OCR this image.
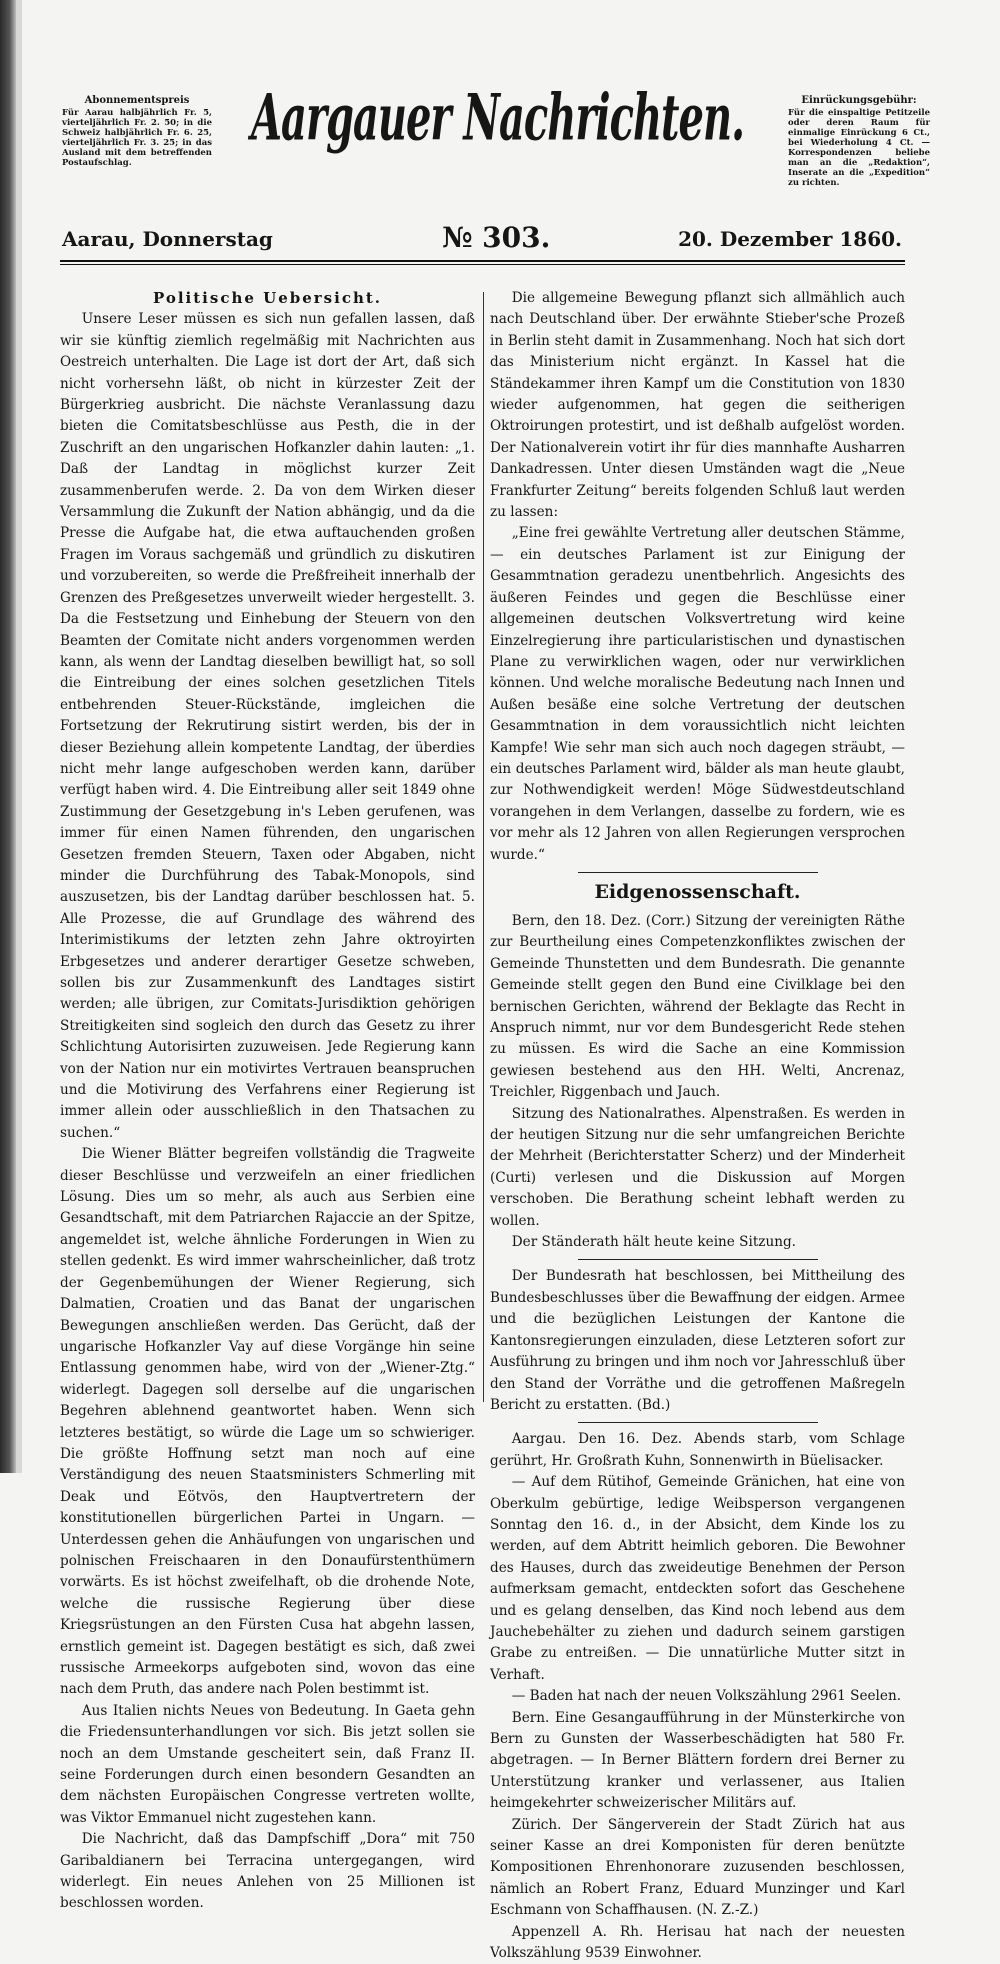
Abonnementspreis
Für Aarau halbjährlich Fr. 5, vierteljährlich Fr. 2. 50; in die Schweiz halbjährlich Fr. 6. 25, vierteljährlich Fr. 3. 25; in das Ausland mit dem betreffenden Postaufschlag.
Aargauer Nachrichten.	Einrückungsgebühr:
Für die einspaltige Petitzeile oder deren Raum für einmalige Einrückung 6 Ct., bei Wiederholung 4 Ct. — Korrespondenzen beliebe man an die „Redaktion“, Inserate an die „Expedition“ zu richten.
Aarau, Donnerstag	№ 303.	20. Dezember 1860.
Politische Uebersicht.

Unsere Leser müssen es sich nun gefallen lassen, daß wir sie künftig ziemlich regelmäßig mit Nachrichten aus Oestreich unterhalten. Die Lage ist dort der Art, daß sich nicht vorhersehn läßt, ob nicht in kürzester Zeit der Bürgerkrieg ausbricht. Die nächste Veranlassung dazu bieten die Comitatsbeschlüsse aus Pesth, die in der Zuschrift an den ungarischen Hofkanzler dahin lauten: „1. Daß der Landtag in möglichst kurzer Zeit zusammenberufen werde. 2. Da von dem Wirken dieser Versammlung die Zukunft der Nation abhängig, und da die Presse die Aufgabe hat, die etwa auftauchenden großen Fragen im Voraus sachgemäß und gründlich zu diskutiren und vorzubereiten, so werde die Preßfreiheit innerhalb der Grenzen des Preßgesetzes unverweilt wieder hergestellt. 3. Da die Festsetzung und Einhebung der Steuern von den Beamten der Comitate nicht anders vorgenommen werden kann, als wenn der Landtag dieselben bewilligt hat, so soll die Eintreibung der eines solchen gesetzlichen Titels entbehrenden Steuer-Rückstände, imgleichen die Fortsetzung der Rekrutirung sistirt werden, bis der in dieser Beziehung allein kompetente Landtag, der überdies nicht mehr lange aufgeschoben werden kann, darüber verfügt haben wird. 4. Die Eintreibung aller seit 1849 ohne Zustimmung der Gesetzgebung in's Leben gerufenen, was immer für einen Namen führenden, den ungarischen Gesetzen fremden Steuern, Taxen oder Abgaben, nicht minder die Durchführung des Tabak-Monopols, sind auszusetzen, bis der Landtag darüber beschlossen hat. 5. Alle Prozesse, die auf Grundlage des während des Interimistikums der letzten zehn Jahre oktroyirten Erbgesetzes und anderer derartiger Gesetze schweben, sollen bis zur Zusammenkunft des Landtages sistirt werden; alle übrigen, zur Comitats-Jurisdiktion gehörigen Streitigkeiten sind sogleich den durch das Gesetz zu ihrer Schlichtung Autorisirten zuzuweisen. Jede Regierung kann von der Nation nur ein motivirtes Vertrauen beanspruchen und die Motivirung des Verfahrens einer Regierung ist immer allein oder ausschließlich in den Thatsachen zu suchen.“

Die Wiener Blätter begreifen vollständig die Tragweite dieser Beschlüsse und verzweifeln an einer friedlichen Lösung. Dies um so mehr, als auch aus Serbien eine Gesandtschaft, mit dem Patriarchen Rajaccie an der Spitze, angemeldet ist, welche ähnliche Forderungen in Wien zu stellen gedenkt. Es wird immer wahrscheinlicher, daß trotz der Gegenbemühungen der Wiener Regierung, sich Dalmatien, Croatien und das Banat der ungarischen Bewegungen anschließen werden. Das Gerücht, daß der ungarische Hofkanzler Vay auf diese Vorgänge hin seine Entlassung genommen habe, wird von der „Wiener-Ztg.“ widerlegt. Dagegen soll derselbe auf die ungarischen Begehren ablehnend geantwortet haben. Wenn sich letzteres bestätigt, so würde die Lage um so schwieriger. Die größte Hoffnung setzt man noch auf eine Verständigung des neuen Staatsministers Schmerling mit Deak und Eötvös, den Hauptvertretern der konstitutionellen bürgerlichen Partei in Ungarn. — Unterdessen gehen die Anhäufungen von ungarischen und polnischen Freischaaren in den Donaufürstenthümern vorwärts. Es ist höchst zweifelhaft, ob die drohende Note, welche die russische Regierung über diese Kriegsrüstungen an den Fürsten Cusa hat abgehn lassen, ernstlich gemeint ist. Dagegen bestätigt es sich, daß zwei russische Armeekorps aufgeboten sind, wovon das eine nach dem Pruth, das andere nach Polen bestimmt ist.

Aus Italien nichts Neues von Bedeutung. In Gaeta gehn die Friedensunterhandlungen vor sich. Bis jetzt sollen sie noch an dem Umstande gescheitert sein, daß Franz II. seine Forderungen durch einen besondern Gesandten an dem nächsten Europäischen Congresse vertreten wollte, was Viktor Emmanuel nicht zugestehen kann.

Die Nachricht, daß das Dampfschiff „Dora“ mit 750 Garibaldianern bei Terracina untergegangen, wird widerlegt. Ein neues Anlehen von 25 Millionen ist beschlossen worden.

Die allgemeine Bewegung pflanzt sich allmählich auch nach Deutschland über. Der erwähnte Stieber'sche Prozeß in Berlin steht damit in Zusammenhang. Noch hat sich dort das Ministerium nicht ergänzt. In Kassel hat die Ständekammer ihren Kampf um die Constitution von 1830 wieder aufgenommen, hat gegen die seitherigen Oktroirungen protestirt, und ist deßhalb aufgelöst worden. Der Nationalverein votirt ihr für dies mannhafte Ausharren Dankadressen. Unter diesen Umständen wagt die „Neue Frankfurter Zeitung“ bereits folgenden Schluß laut werden zu lassen:

„Eine frei gewählte Vertretung aller deutschen Stämme, — ein deutsches Parlament ist zur Einigung der Gesammtnation geradezu unentbehrlich. Angesichts des äußeren Feindes und gegen die Beschlüsse einer allgemeinen deutschen Volksvertretung wird keine Einzelregierung ihre particularistischen und dynastischen Plane zu verwirklichen wagen, oder nur verwirklichen können. Und welche moralische Bedeutung nach Innen und Außen besäße eine solche Vertretung der deutschen Gesammtnation in dem voraussichtlich nicht leichten Kampfe! Wie sehr man sich auch noch dagegen sträubt, — ein deutsches Parlament wird, bälder als man heute glaubt, zur Nothwendigkeit werden! Möge Südwestdeutschland vorangehen in dem Verlangen, dasselbe zu fordern, wie es vor mehr als 12 Jahren von allen Regierungen versprochen wurde.“

Eidgenossenschaft.

Bern, den 18. Dez. (Corr.) Sitzung der vereinigten Räthe zur Beurtheilung eines Competenzkonfliktes zwischen der Gemeinde Thunstetten und dem Bundesrath. Die genannte Gemeinde stellt gegen den Bund eine Civilklage bei den bernischen Gerichten, während der Beklagte das Recht in Anspruch nimmt, nur vor dem Bundesgericht Rede stehen zu müssen. Es wird die Sache an eine Kommission gewiesen bestehend aus den HH. Welti, Ancrenaz, Treichler, Riggenbach und Jauch.

Sitzung des Nationalrathes. Alpenstraßen. Es werden in der heutigen Sitzung nur die sehr umfangreichen Berichte der Mehrheit (Berichterstatter Scherz) und der Minderheit (Curti) verlesen und die Diskussion auf Morgen verschoben. Die Berathung scheint lebhaft werden zu wollen.

Der Ständerath hält heute keine Sitzung.

Der Bundesrath hat beschlossen, bei Mittheilung des Bundesbeschlusses über die Bewaffnung der eidgen. Armee und die bezüglichen Leistungen der Kantone die Kantonsregierungen einzuladen, diese Letzteren sofort zur Ausführung zu bringen und ihm noch vor Jahresschluß über den Stand der Vorräthe und die getroffenen Maßregeln Bericht zu erstatten. (Bd.)

Aargau. Den 16. Dez. Abends starb, vom Schlage gerührt, Hr. Großrath Kuhn, Sonnenwirth in Büelisacker.

— Auf dem Rütihof, Gemeinde Gränichen, hat eine von Oberkulm gebürtige, ledige Weibsperson vergangenen Sonntag den 16. d., in der Absicht, dem Kinde los zu werden, auf dem Abtritt heimlich geboren. Die Bewohner des Hauses, durch das zweideutige Benehmen der Person aufmerksam gemacht, entdeckten sofort das Geschehene und es gelang denselben, das Kind noch lebend aus dem Jauchebehälter zu ziehen und dadurch seinem garstigen Grabe zu entreißen. — Die unnatürliche Mutter sitzt in Verhaft.

— Baden hat nach der neuen Volkszählung 2961 Seelen.

Bern. Eine Gesangaufführung in der Münsterkirche von Bern zu Gunsten der Wasserbeschädigten hat 580 Fr. abgetragen. — In Berner Blättern fordern drei Berner zu Unterstützung kranker und verlassener, aus Italien heimgekehrter schweizerischer Militärs auf.

Zürich. Der Sängerverein der Stadt Zürich hat aus seiner Kasse an drei Komponisten für deren benützte Kompositionen Ehrenhonorare zuzusenden beschlossen, nämlich an Robert Franz, Eduard Munzinger und Karl Eschmann von Schaffhausen. (N. Z.-Z.)

Appenzell A. Rh. Herisau hat nach der neuesten Volkszählung 9539 Einwohner.
